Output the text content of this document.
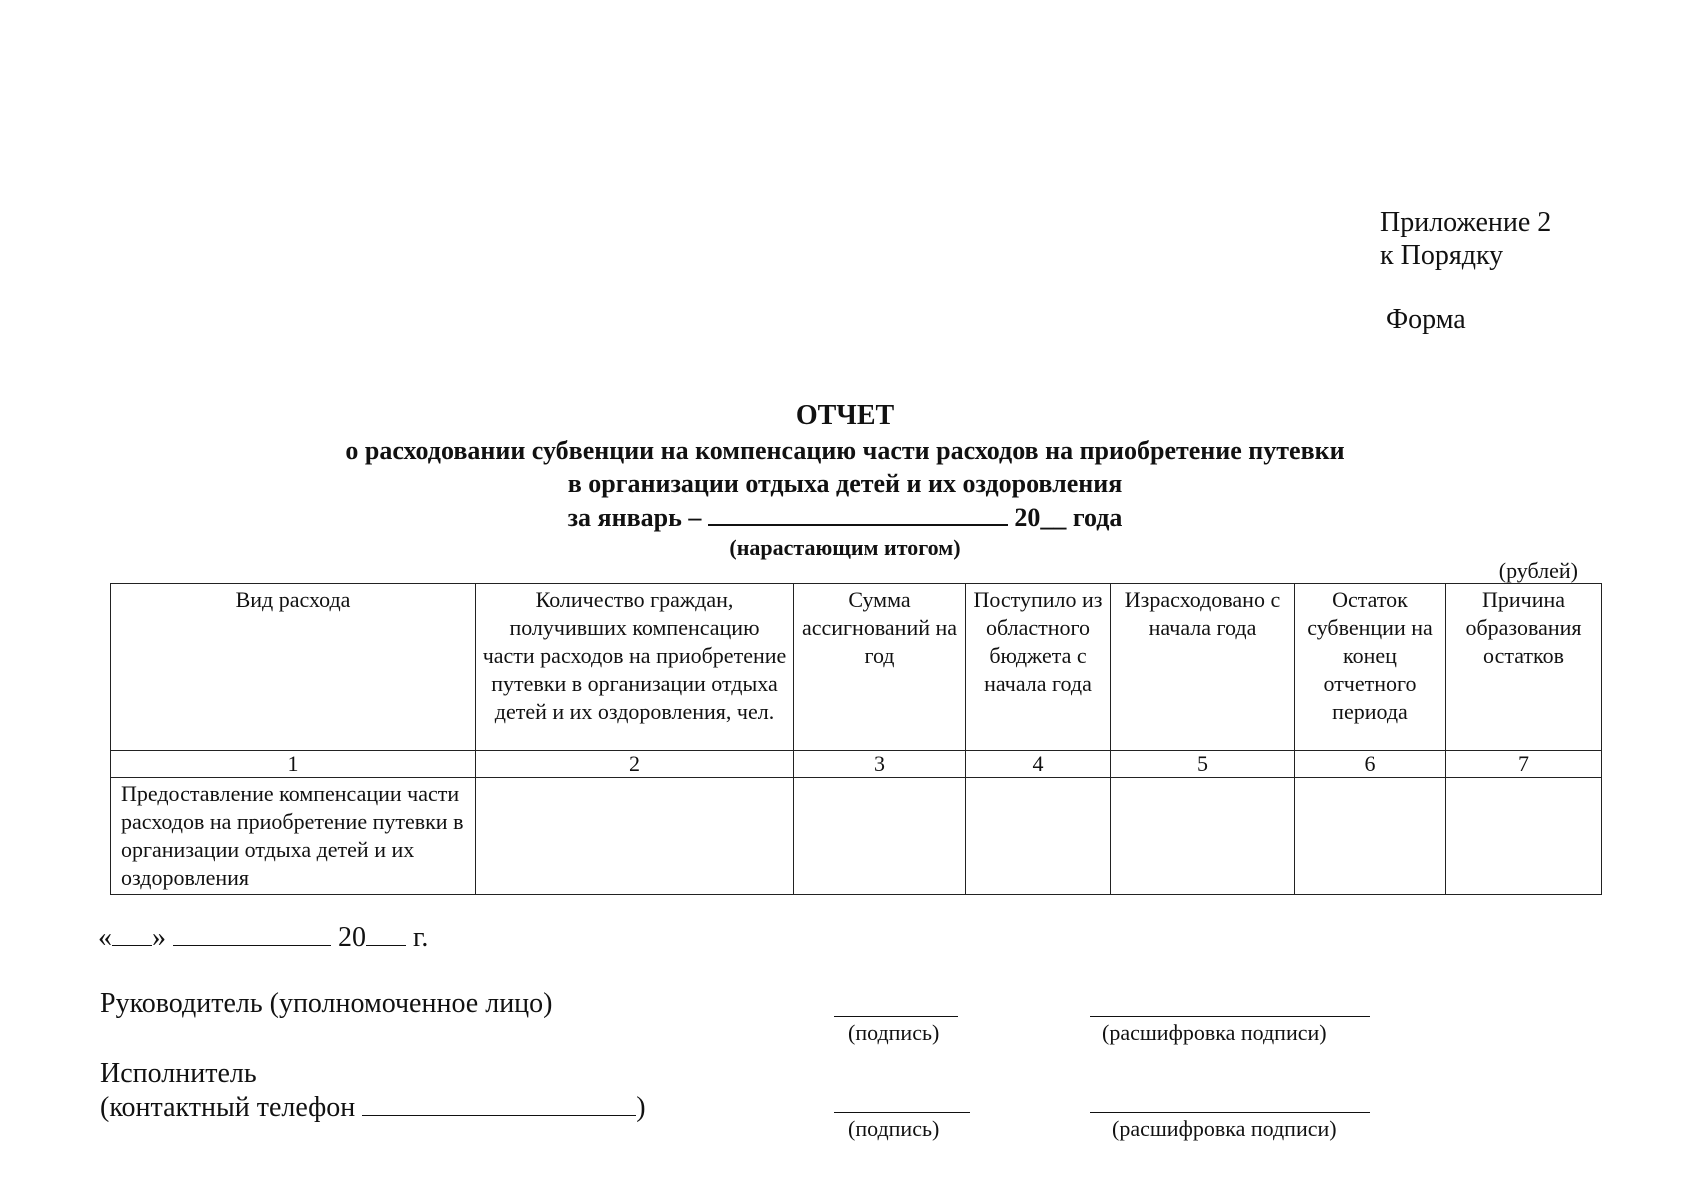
Приложение 2
к Порядку
Форма
ОТЧЕТ
о расходовании субвенции на компенсацию части расходов на приобретение путевки
в организации отдыха детей и их оздоровления
за январь –	20__ года
(нарастающим итогом)
(рублей)
Вид расхода	Количество граждан, получивших компенсацию части расходов на приобретение путевки в организации отдыха детей и их оздоровления, чел.	Сумма ассигнований на год	Поступило из областного бюджета с начала года	Израсходовано с начала года	Остаток субвенции на конец отчетного периода	Причина образования остатков
1	2	3	4	5	6	7
Предоставление компенсации части расходов на приобретение путевки в организации отдыха детей и их оздоровления						
« »	20 г.
Руководитель (уполномоченное лицо)
(подпись)	(расшифровка подписи)
Исполнитель
(контактный телефон	)
(подпись)	(расшифровка подписи)
